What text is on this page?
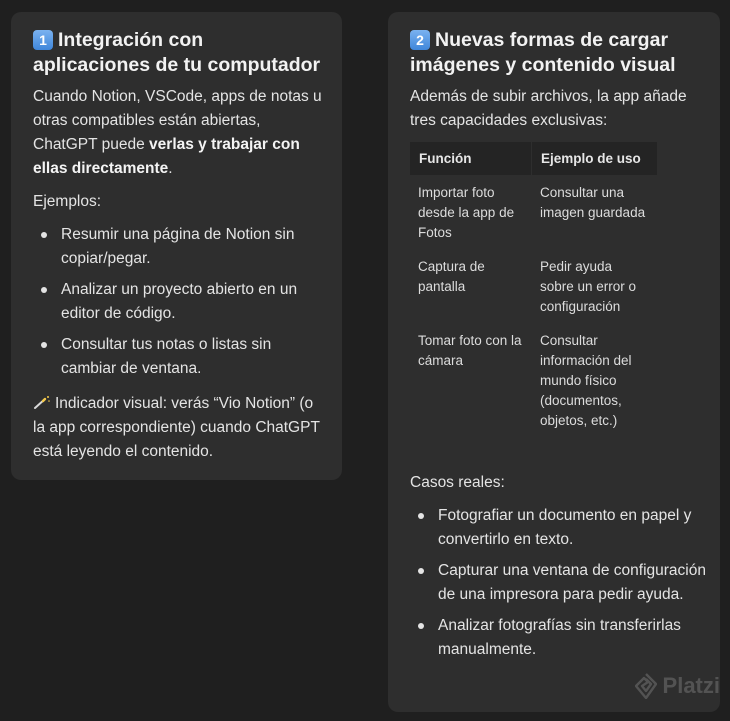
1 Integración con aplicaciones de tu computador

Cuando Notion, VSCode, apps de notas u otras compatibles están abiertas, ChatGPT puede verlas y trabajar con ellas directamente.

Ejemplos:

Resumir una página de Notion sin copiar/pegar.
Analizar un proyecto abierto en un editor de código.
Consultar tus notas o listas sin cambiar de ventana.

Indicador visual: verás “Vio Notion” (o la app correspondiente) cuando ChatGPT está leyendo el contenido.

2 Nuevas formas de cargar imágenes y contenido visual

Además de subir archivos, la app añade tres capacidades exclusivas:

Función	Ejemplo de uso
Importar foto desde la app de Fotos	Consultar una imagen guardada
Captura de pantalla	Pedir ayuda sobre un error o configuración
Tomar foto con la cámara	Consultar información del mundo físico (documentos, objetos, etc.)

Casos reales:

Fotografiar un documento en papel y convertirlo en texto.
Capturar una ventana de configuración de una impresora para pedir ayuda.
Analizar fotografías sin transferirlas manualmente.
Platzi
